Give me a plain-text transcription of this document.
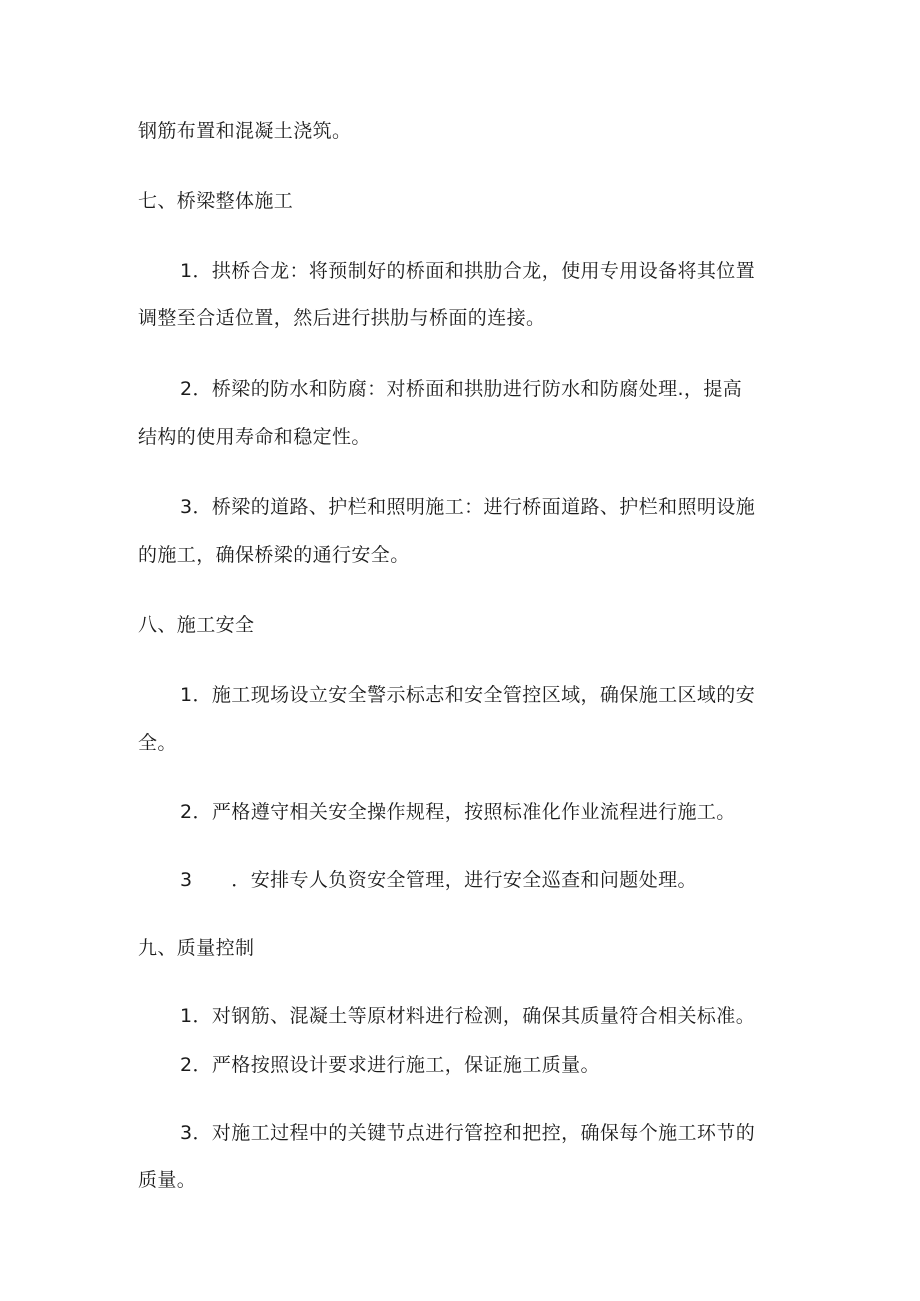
钢筋布置和混凝土浇筑。
七、桥梁整体施工
1．拱桥合龙：将预制好的桥面和拱肋合龙，使用专用设备将其位置
调整至合适位置，然后进行拱肋与桥面的连接。
2．桥梁的防水和防腐：对桥面和拱肋进行防水和防腐处理.，提高
结构的使用寿命和稳定性。
3．桥梁的道路、护栏和照明施工：进行桥面道路、护栏和照明设施
的施工，确保桥梁的通行安全。
八、施工安全
1．施工现场设立安全警示标志和安全管控区域，确保施工区域的安
全。
2．严格遵守相关安全操作规程，按照标准化作业流程进行施工。
3　　．安排专人负资安全管理，进行安全巡查和问题处理。
九、质量控制
1．对钢筋、混凝土等原材料进行检测，确保其质量符合相关标准。
2．严格按照设计要求进行施工，保证施工质量。
3．对施工过程中的关键节点进行管控和把控，确保每个施工环节的
质量。
